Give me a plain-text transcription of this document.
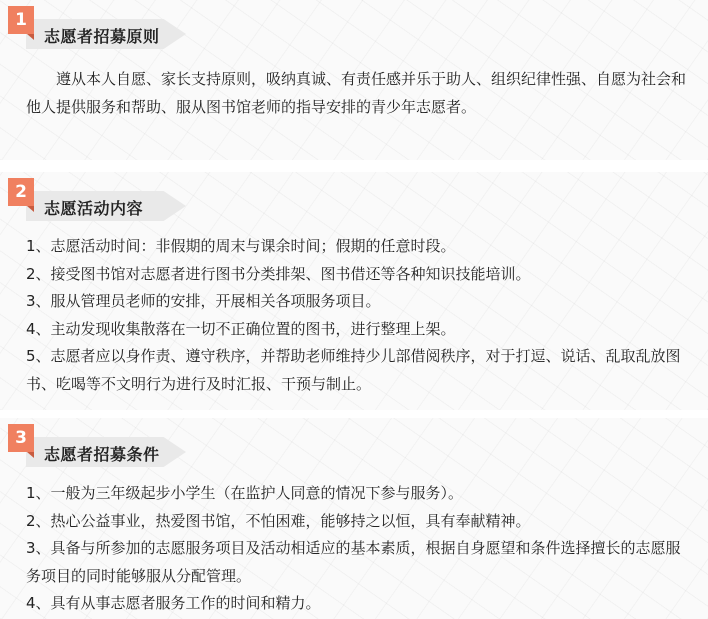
1
志愿者招募原则

遵从本人自愿、家长支持原则，吸纳真诚、有责任感并乐于助人、组织纪律性强、自愿为社会和他人提供服务和帮助、服从图书馆老师的指导安排的青少年志愿者。

2
志愿活动内容

1、志愿活动时间：非假期的周末与课余时间；假期的任意时段。

2、接受图书馆对志愿者进行图书分类排架、图书借还等各种知识技能培训。

3、服从管理员老师的安排，开展相关各项服务项目。

4、主动发现收集散落在一切不正确位置的图书，进行整理上架。

5、志愿者应以身作责、遵守秩序，并帮助老师维持少儿部借阅秩序，对于打逗、说话、乱取乱放图书、吃喝等不文明行为进行及时汇报、干预与制止。

3
志愿者招募条件

1、一般为三年级起步小学生（在监护人同意的情况下参与服务）。

2、热心公益事业，热爱图书馆，不怕困难，能够持之以恒，具有奉献精神。

3、具备与所参加的志愿服务项目及活动相适应的基本素质，根据自身愿望和条件选择擅长的志愿服务项目的同时能够服从分配管理。

4、具有从事志愿者服务工作的时间和精力。
